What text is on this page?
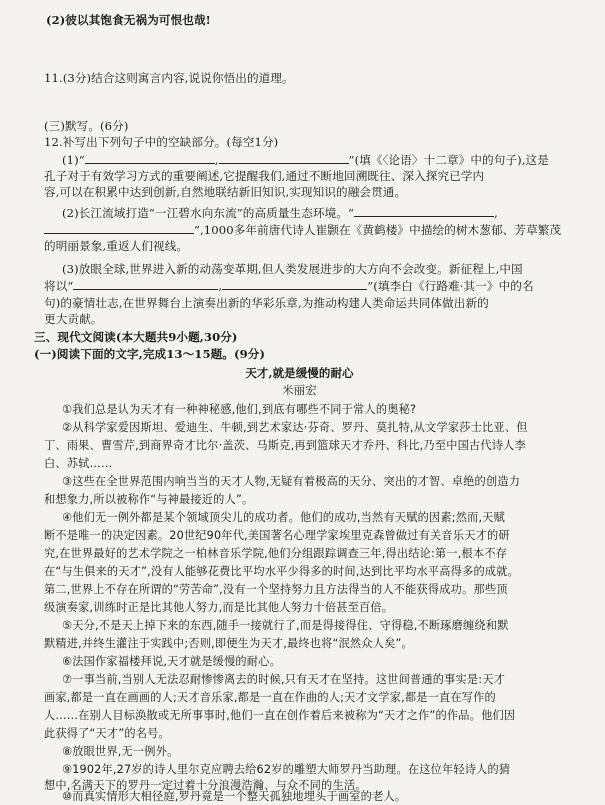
(2)彼以其饱食无祸为可恨也哉!
11.(3分)结合这则寓言内容,说说你悟出的道理。
(三)默写。(6分)
12.补写出下列句子中的空缺部分。(每空1分)
(1)“	,	”(填《〈论语〉十二章》中的句子),这是
孔子对于有效学习方式的重要阐述,它提醒我们,通过不断地回溯既往、深入探究已学内
容,可以在积累中达到创新,自然地联结新旧知识,实现知识的融会贯通。
(2)长江流域打造“一江碧水向东流”的高质量生态环境。“	,
”,1000多年前唐代诗人崔颢在《黄鹤楼》中描绘的树木葱郁、芳草繁茂
的明丽景象,重返人们视线。
(3)放眼全球,世界进入新的动荡变革期,但人类发展进步的大方向不会改变。新征程上,中国
将以“	,	”(填李白《行路难·其一》中的名
句)的豪情壮志,在世界舞台上演奏出新的华彩乐章,为推动构建人类命运共同体做出新的
更大贡献。
三、现代文阅读(本大题共9小题,30分)
(一)阅读下面的文字,完成13～15题。(9分)
天才,就是缓慢的耐心
米丽宏
①我们总是认为天才有一种神秘感,他们,到底有哪些不同于常人的奥秘?
②从科学家爱因斯坦、爱迪生、牛顿,到艺术家达·芬奇、罗丹、莫扎特,从文学家莎士比亚、但
丁、雨果、曹雪芹,到商界奇才比尔·盖茨、马斯克,再到篮球天才乔丹、科比,乃至中国古代诗人李
白、苏轼……
③这些在全世界范围内响当当的天才人物,无疑有着极高的天分、突出的才智、卓绝的创造力
和想象力,所以被称作“与神最接近的人”。
④他们无一例外都是某个领域顶尖儿的成功者。他们的成功,当然有天赋的因素;然而,天赋
断不是唯一的决定因素。20世纪90年代,美国著名心理学家埃里克森曾做过有关音乐天才的研
究,在世界最好的艺术学院之一柏林音乐学院,他们分组跟踪调查三年,得出结论:第一,根本不存
在“与生俱来的天才”,没有人能够花费比平均水平少得多的时间,达到比平均水平高得多的成就。
第二,世界上不存在所谓的“劳苦命”,没有一个坚持努力且方法得当的人不能获得成功。那些顶
级演奏家,训练时正是比其他人努力,而是比其他人努力十倍甚至百倍。
⑤天分,不是天上掉下来的东西,随手一接就行了,而是得接得住、守得稳,不断琢磨缠绕和默
默精进,并终生灌注于实践中;否则,即便生为天才,最终也将“泯然众人矣”。
⑥法国作家福楼拜说,天才就是缓慢的耐心。
⑦一事当前,当别人无法忍耐惨惨离去的时候,只有天才在坚持。这世间普通的事实是:天才
画家,都是一直在画画的人;天才音乐家,都是一直在作曲的人;天才文学家,都是一直在写作的
人……在别人目标涣散或无所事事时,他们一直在创作着后来被称为“天才之作”的作品。他们因
此获得了“天才”的名号。
⑧放眼世界,无一例外。
⑨1902年,27岁的诗人里尔克应聘去给62岁的雕塑大师罗丹当助理。在这位年轻诗人的猜
想中,名满天下的罗丹一定过着十分浪漫浩瀚、与众不同的生活。
⑩而真实情形大相径庭,罗丹竟是一个整天孤独地埋头于画室的老人。
